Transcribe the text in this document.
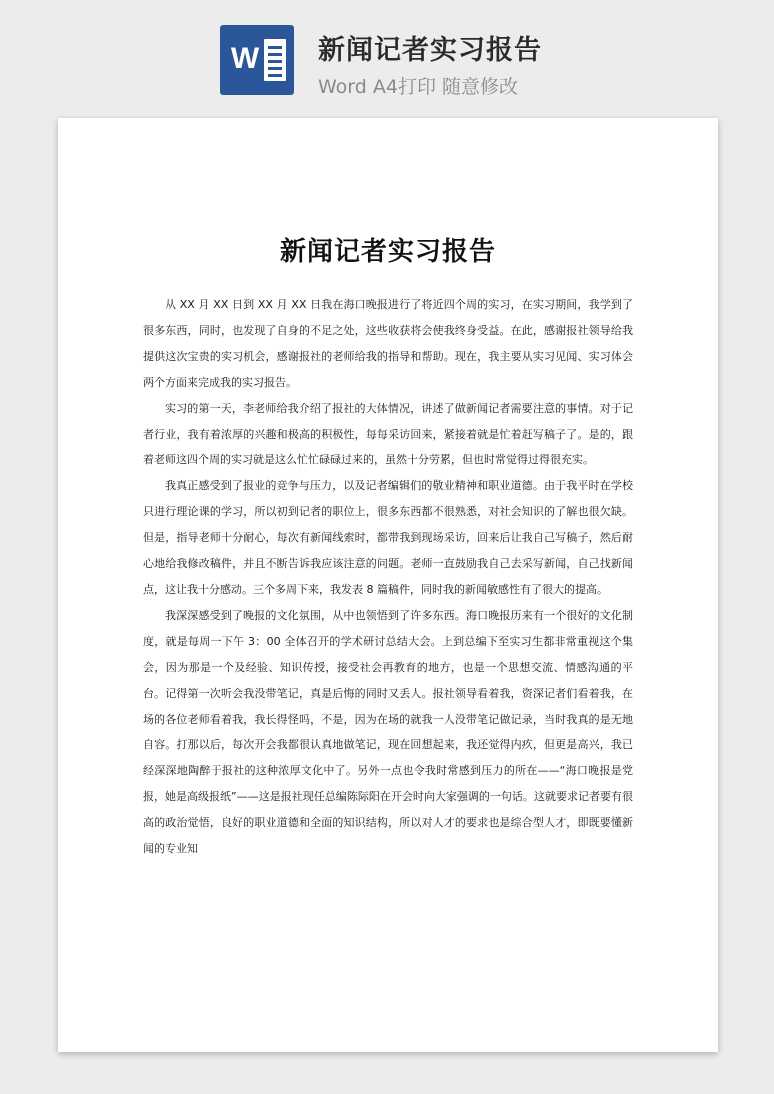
W 新闻记者实习报告
Word A4打印 随意修改
新闻记者实习报告

从 XX 月 XX 日到 XX 月 XX 日我在海口晚报进行了将近四个周的实习，在实习期间，我学到了很多东西，同时，也发现了自身的不足之处，这些收获将会使我终身受益。在此，感谢报社领导给我提供这次宝贵的实习机会，感谢报社的老师给我的指导和帮助。现在，我主要从实习见闻、实习体会两个方面来完成我的实习报告。

实习的第一天，李老师给我介绍了报社的大体情况，讲述了做新闻记者需要注意的事情。对于记者行业，我有着浓厚的兴趣和极高的积极性，每每采访回来，紧接着就是忙着赶写稿子了。是的，跟着老师这四个周的实习就是这么忙忙碌碌过来的，虽然十分劳累，但也时常觉得过得很充实。

我真正感受到了报业的竞争与压力，以及记者编辑们的敬业精神和职业道德。由于我平时在学校只进行理论课的学习，所以初到记者的职位上，很多东西都不很熟悉，对社会知识的了解也很欠缺。但是，指导老师十分耐心，每次有新闻线索时，都带我到现场采访，回来后让我自己写稿子，然后耐心地给我修改稿件，并且不断告诉我应该注意的问题。老师一直鼓励我自己去采写新闻，自己找新闻点，这让我十分感动。三个多周下来，我发表 8 篇稿件，同时我的新闻敏感性有了很大的提高。

我深深感受到了晚报的文化氛围，从中也领悟到了许多东西。海口晚报历来有一个很好的文化制度，就是每周一下午 3：00 全体召开的学术研讨总结大会。上到总编下至实习生都非常重视这个集会，因为那是一个及经验、知识传授，接受社会再教育的地方，也是一个思想交流、情感沟通的平台。记得第一次听会我没带笔记，真是后悔的同时又丢人。报社领导看着我，资深记者们看着我，在场的各位老师看着我，我长得怪吗，不是，因为在场的就我一人没带笔记做记录，当时我真的是无地自容。打那以后，每次开会我都很认真地做笔记，现在回想起来，我还觉得内疚，但更是高兴，我已经深深地陶醉于报社的这种浓厚文化中了。另外一点也令我时常感到压力的所在——“海口晚报是党报，她是高级报纸”——这是报社现任总编陈际阳在开会时向大家强调的一句话。这就要求记者要有很高的政治觉悟，良好的职业道德和全面的知识结构，所以对人才的要求也是综合型人才，即既要懂新闻的专业知
